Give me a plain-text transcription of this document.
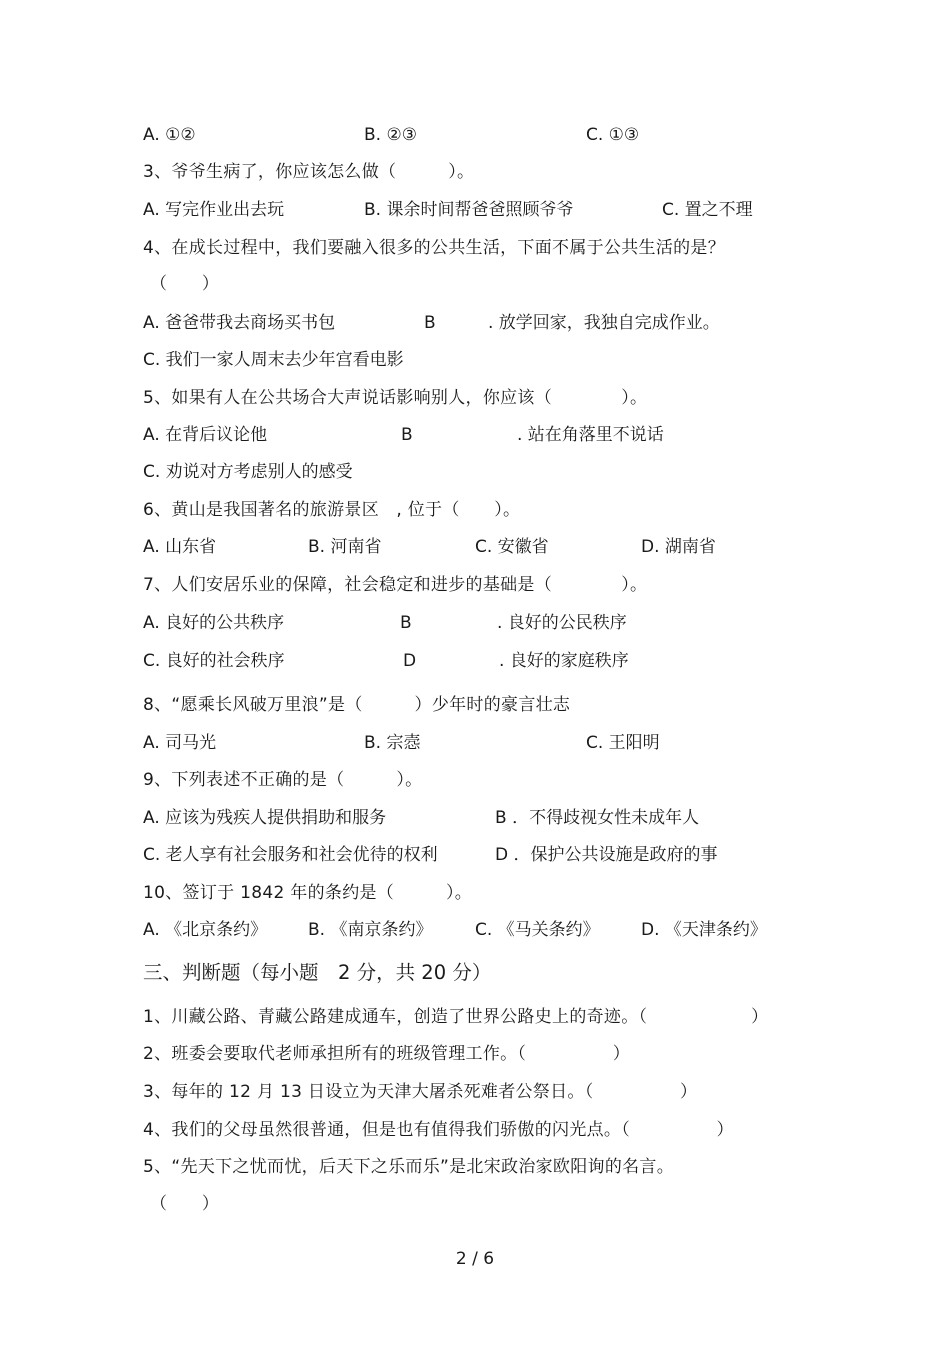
A. ①②	B. ②③	C. ①③
3、爷爷生病了，你应该怎么做（　　　）。
A. 写完作业出去玩	B. 课余时间帮爸爸照顾爷爷	C. 置之不理
4、在成长过程中，我们要融入很多的公共生活，下面不属于公共生活的是？
（　　）
A. 爸爸带我去商场买书包	B	. 放学回家，我独自完成作业。
C. 我们一家人周末去少年宫看电影
5、如果有人在公共场合大声说话影响别人，你应该（　　　　）。
A. 在背后议论他	B	. 站在角落里不说话
C. 劝说对方考虑别人的感受
6、黄山是我国著名的旅游景区　, 位于（　　）。
A. 山东省	B. 河南省	C. 安徽省	D. 湖南省
7、人们安居乐业的保障，社会稳定和进步的基础是（　　　　）。
A. 良好的公共秩序	B	. 良好的公民秩序
C. 良好的社会秩序	D	. 良好的家庭秩序
8、“愿乘长风破万里浪”是（　　　）少年时的豪言壮志
A. 司马光	B. 宗悫	C. 王阳明
9、下列表述不正确的是（　　　）。
A. 应该为残疾人提供捐助和服务	B ．不得歧视女性未成年人
C. 老人享有社会服务和社会优待的权利	D ．保护公共设施是政府的事
10、签订于 1842 年的条约是（　　　）。
A. 《北京条约》 B. 《南京条约》	C. 《马关条约》 D. 《天津条约》
三、判断题（每小题　2 分，共 20 分）
1、川藏公路、青藏公路建成通车，创造了世界公路史上的奇迹。（　　　　　　）
2、班委会要取代老师承担所有的班级管理工作。（　　　　　）
3、每年的 12 月 13 日设立为天津大屠杀死难者公祭日。（　　　　　）
4、我们的父母虽然很普通，但是也有值得我们骄傲的闪光点。（　　　　　）
5、“先天下之忧而忧，后天下之乐而乐”是北宋政治家欧阳询的名言。
（　　）
2 / 6
